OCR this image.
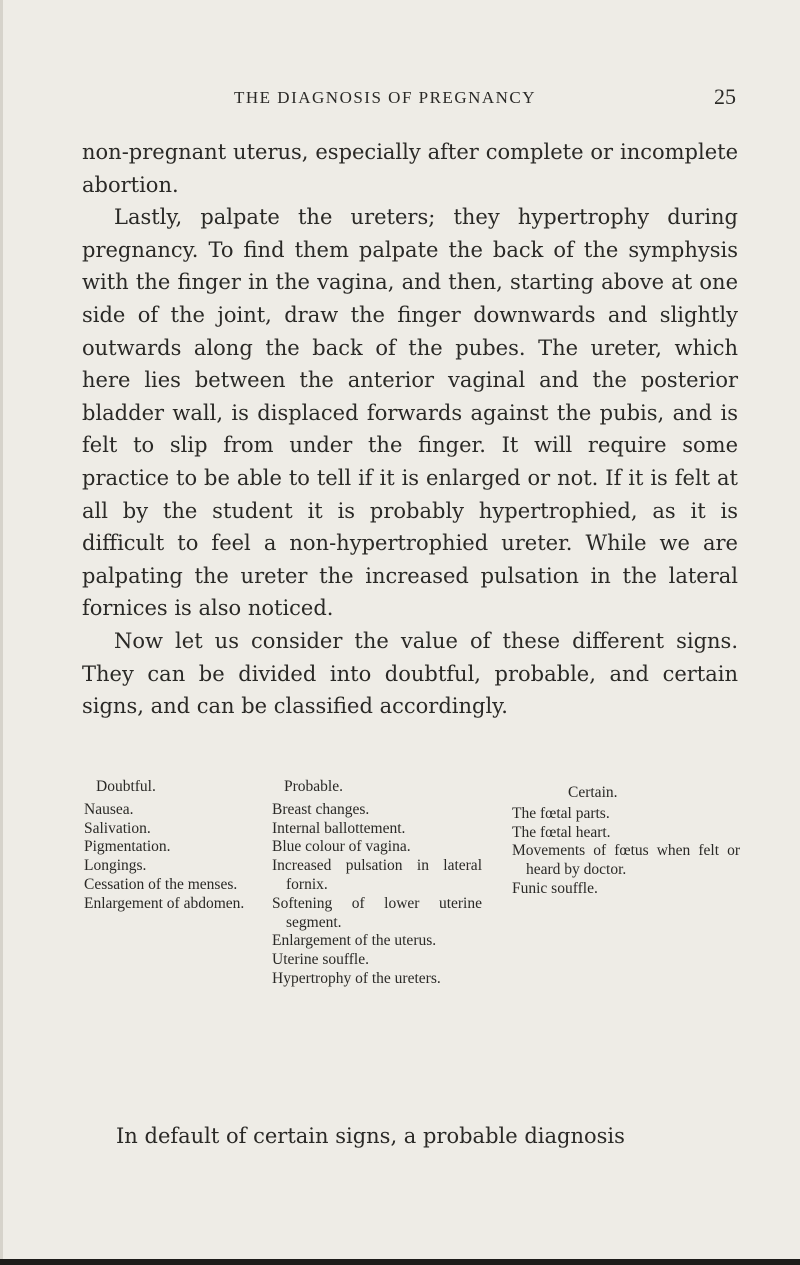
THE DIAGNOSIS OF PREGNANCY	25

non-pregnant uterus, especially after complete or incomplete abortion.

Lastly, palpate the ureters; they hypertrophy during pregnancy. To find them palpate the back of the symphysis with the finger in the vagina, and then, starting above at one side of the joint, draw the finger downwards and slightly outwards along the back of the pubes. The ureter, which here lies between the anterior vaginal and the posterior bladder wall, is displaced forwards against the pubis, and is felt to slip from under the finger. It will require some practice to be able to tell if it is enlarged or not. If it is felt at all by the student it is probably hypertrophied, as it is difficult to feel a non-hypertrophied ureter. While we are palpating the ureter the increased pulsation in the lateral fornices is also noticed.

Now let us consider the value of these different signs. They can be divided into doubtful, probable, and certain signs, and can be classified accordingly.

Doubtful.
Nausea.
Salivation.
Pigmentation.
Longings.
Cessation of the menses.
Enlargement of abdomen.
Probable.
Breast changes.
Internal ballottement.
Blue colour of vagina.
Increased pulsation in lateral fornix.
Softening of lower uterine segment.
Enlargement of the uterus.
Uterine souffle.
Hypertrophy of the ureters.
Certain.
The fœtal parts.
The fœtal heart.
Movements of fœtus when felt or heard by doctor.
Funic souffle.

In default of certain signs, a probable diagnosis
